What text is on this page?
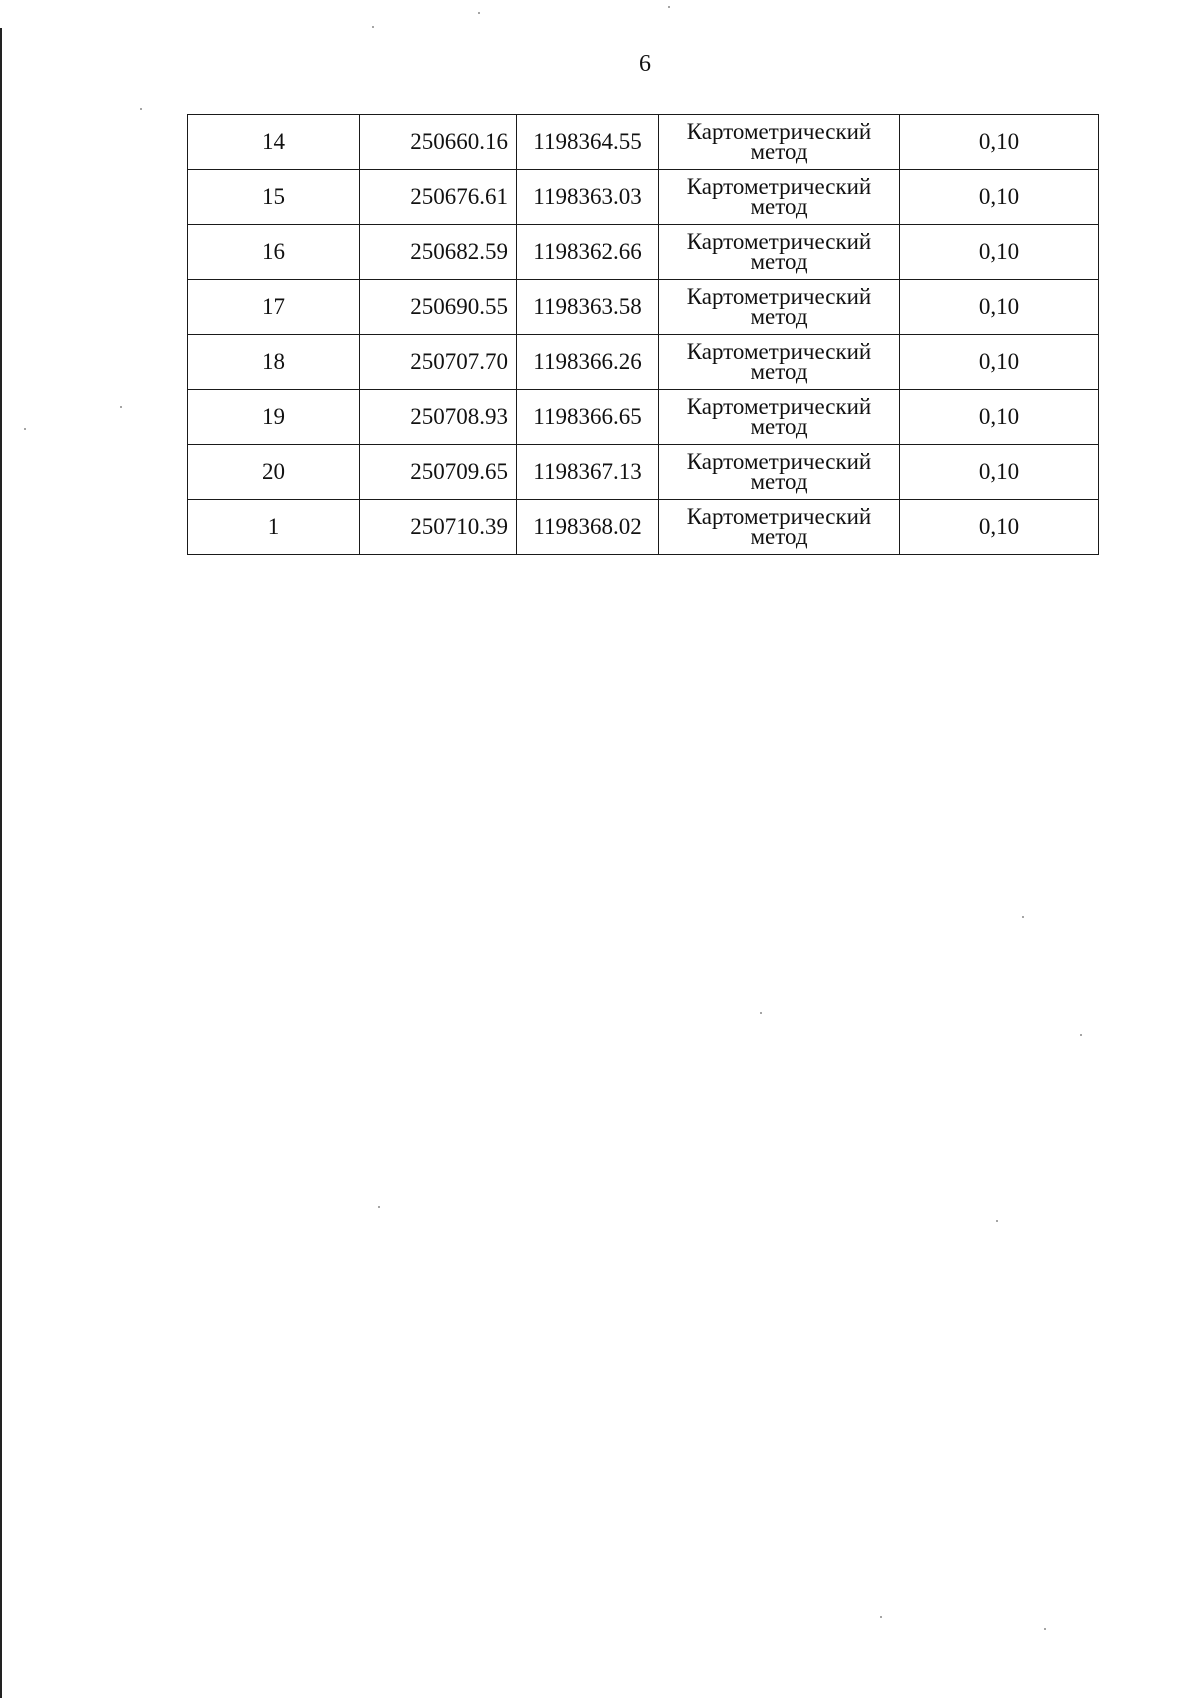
6
14	250660.16	1198364.55	Картометрический метод	0,10
15	250676.61	1198363.03	Картометрический метод	0,10
16	250682.59	1198362.66	Картометрический метод	0,10
17	250690.55	1198363.58	Картометрический метод	0,10
18	250707.70	1198366.26	Картометрический метод	0,10
19	250708.93	1198366.65	Картометрический метод	0,10
20	250709.65	1198367.13	Картометрический метод	0,10
1	250710.39	1198368.02	Картометрический метод	0,10
